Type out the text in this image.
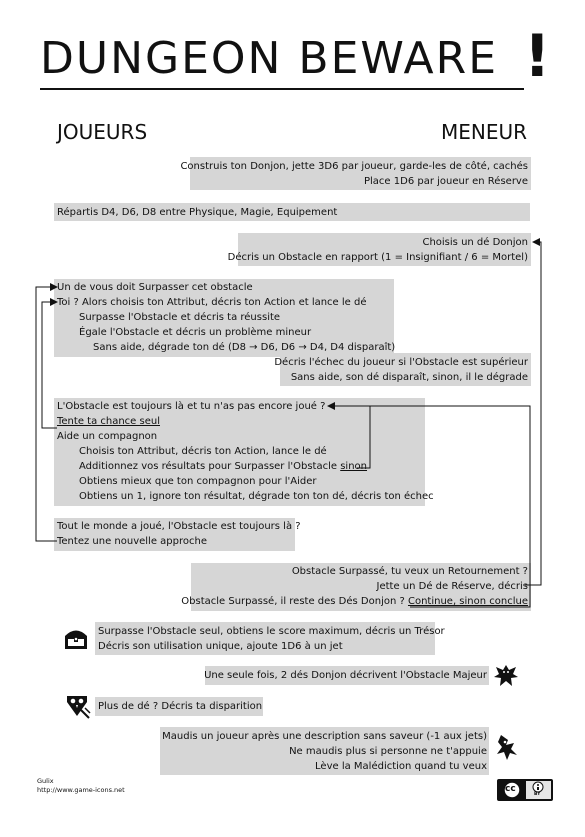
DUNGEON BEWARE !
JOUEURS	MENEUR
Construis ton Donjon, jette 3D6 par joueur, garde-les de côté, cachés
Place 1D6 par joueur en Réserve
Répartis D4, D6, D8 entre Physique, Magie, Equipement
Choisis un dé Donjon
Décris un Obstacle en rapport (1 = Insignifiant / 6 = Mortel)
Un de vous doit Surpasser cet obstacle
Toi ? Alors choisis ton Attribut, décris ton Action et lance le dé
Surpasse l'Obstacle et décris ta réussite
Égale l'Obstacle et décris un problème mineur
Sans aide, dégrade ton dé (D8 → D6, D6 → D4, D4 disparaît)
Décris l'échec du joueur si l'Obstacle est supérieur
Sans aide, son dé disparaît, sinon, il le dégrade
L'Obstacle est toujours là et tu n'as pas encore joué ?
Tente ta chance seul
Aide un compagnon
Choisis ton Attribut, décris ton Action, lance le dé
Additionnez vos résultats pour Surpasser l'Obstacle sinon
Obtiens mieux que ton compagnon pour l'Aider
Obtiens un 1, ignore ton résultat, dégrade ton ton dé, décris ton échec
Tout le monde a joué, l'Obstacle est toujours là ?
Tentez une nouvelle approche
Obstacle Surpassé, tu veux un Retournement ?
Jette un Dé de Réserve, décris
Obstacle Surpassé, il reste des Dés Donjon ? Continue, sinon conclue
Surpasse l'Obstacle seul, obtiens le score maximum, décris un Trésor
Décris son utilisation unique, ajoute 1D6 à un jet
Une seule fois, 2 dés Donjon décrivent l'Obstacle Majeur
Plus de dé ? Décris ta disparition
Maudis un joueur après une description sans saveur (-1 aux jets)
Ne maudis plus si personne ne t'appuie
Lève la Malédiction quand tu veux
cc
BY
Gulix
http://www.game-icons.net
